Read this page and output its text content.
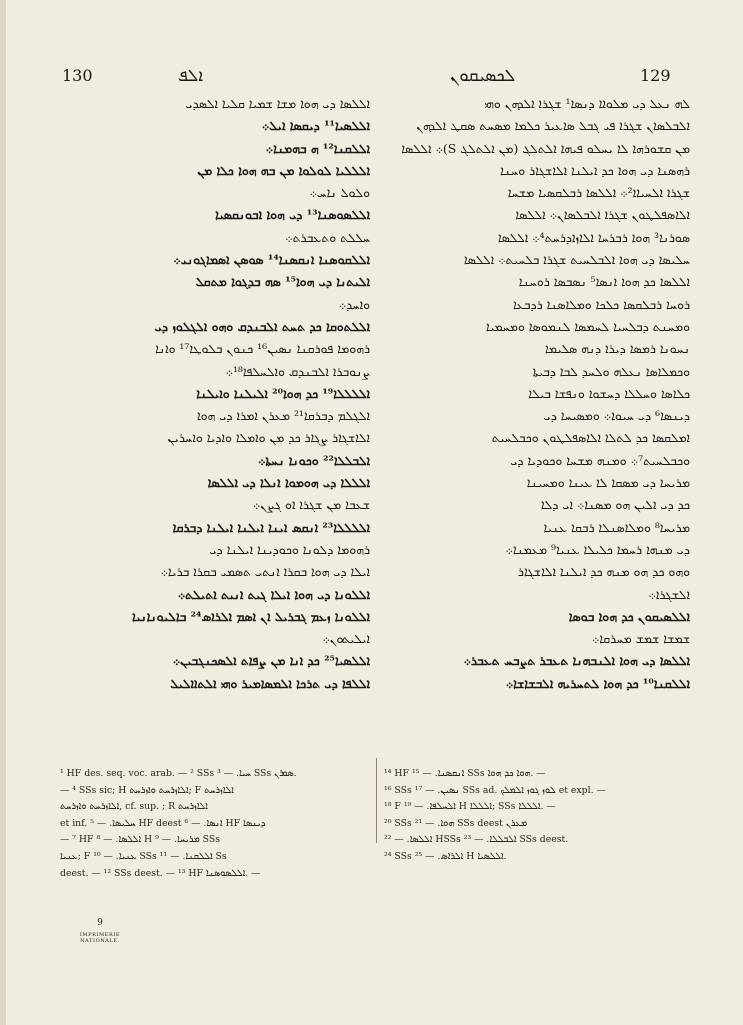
130	ܐܠܦ	ܠܟܣܝܩܘܢ	129
ܐܠܠܣܐ ܕܝ ܗܘܐ ܡܫܐ ܫܡܝܐ ܩܠܝܐ ܐܠܣܕܝ
ܐܠܠܣܝܐ¹¹ ܕܝܩܣܐ ܐܝܠ܀
ܐܠܠܩܢܐ¹² ܗ ܒܗܡܢܐ܀
ܐܠܠܠܝܐ ܠܘܠܘܐ ܡܢ ܒܗ ܗܘܐ ܟܠܐ ܡܢ
ܘܠܘܠ ܢܐܚ܀
ܐܠܠܣܘܣܢܐ¹³ ܕܝ ܗܘܐ ܐܒܘܢܩܣܝܐ
ܚܠܠܬ ܘܬܥܒܪܬ܀
ܐܠܠܩܘܣܢܐ ܐܢܩܣܢܐ¹⁴ ܣܘܣܢ ܐܣܡܐܓܘܢܝ܀
ܐܠܝܬܢܐ ܕܝ ܗܘܐ¹⁵ ܣܗ ܒܕܓܘܐ ܡܬܩܠ
ܘܐܚܕ܀
ܐܠܠܬܘܩܐ ܟܕ ܬܚܬ ܐܠܒܢܕܩ ܘܗܘ ܐܠܓܠܘܙ ܕܝ
ܪܗܘܡܐ ܦܘܪܩܢܐ ܢܣܝܢ¹⁶ ܟܢܘܢ ܒܠܘܛܐ¹⁷ ܘܐܢܐ
ܨܢܘܒܪܐ ܐܠܒܢܕܩ ܘܐܠܚܠܦܐ¹⁸܀
ܐܠܠܠܠܐ¹⁹ ܟܕ ܗܘܐ²⁰ ܐܠܝܠܢܐ ܘܐܝܠܢܐ
ܐܠܓܠܡ ܕܒܪܩܐ²¹ ܡܥܪܢ ܐܡܪܐ ܕܝ ܗܘܐ
ܐܠܐܫܓܐܪ ܨܓܐܪ ܟܕ ܡܢ ܘܐܡܠܐ ܘܐܕܝܐ ܘܐܚܪܝܢ
ܐܠܒܠܠܐ²² ܘܟܘܢܐ ܢܚܬܐ܀
ܐܠܠܠܐ ܕܝ ܗܘܡܘܐ ܐܢܠܐ ܕܝ ܐܠܠܣܐ
ܫܥܒܐ ܡܢ ܫܓܪܐ ܐܘ ܓܨܢ܀
ܐܠܠܠܠܐ²³ ܐܢܩܣ ܐܝܢܐ ܐܝܠܢܐ ܐܝܠܢܐ ܕܒܪܩܐ
ܪܗܘܡܐ ܕܠܘܢܐ ܘܟܘܕܝܢܐ ܐܝܠܢܐ ܕܝ
ܐܝܠܐ ܕܝ ܗܘܐ ܒܩܪܐ ܐܢܬܝ ܬܣܡܝ ܒܩܪܐ ܒܪܝܐ܀
ܐܠܠܘܢܐ ܕܝ ܗܘܐ ܐܝܠܐ ܓܝܬ ܐܢܝܬ ܐܬܝܠܬ܀
ܐܠܠܘܢܐ ܙܥܡ ܓܒܪܝܠ ܐܢ ܐܣܡ ܐܠܪܐܣ²⁴ ܒܐܠܝܘܢܐܢܝܐ
ܐܝܠܝܬܘܢ܀
ܐܠܠܣܝܐ²⁵ ܟܕ ܐܢܐ ܡܢ ܨܦܐܬ ܐܠܣܟܢܓܒܝܢ܀
ܐܠܠܦܐ ܕܝ ܬܪܟܐ ܐܠܡܣܐܡܝܪ ܘܗܝ ܐܠܬܐܐܠܝܠ
ܠܗ ܢܥܠ ܕܝ ܡܠܘܐܐ ܕܢܣܐ¹ ܫܓܪܐ ܐܠܕܗܢ ܘܗܝ
ܐܠܒܠܣܐܢ ܫܓܪܐ ܦܝ ܓܒܠ ܣܐܥܝܪ ܟܠܡܐ ܡܣܚܬ ܣܩܛ ܐܠܕܗܢ
ܡܢ ܩܫܘܪܗܐ ܠܐ ܝܚܠܘ ܦܝܗܐ ܐܠܬܠܓ (ܡܢ ܐܠܬܠܓ S)܀ ܐܠܠܣܐ
ܪܗܣܢܐ ܕܝ ܗܘܐ ܟܕ ܐܝܠܢܐ ܐܠܐܫܓܐܪ ܘܚܢܐ
ܫܓܪܐ ܐܠܚܝܐܐ²܀ ܐܠܠܣܐ ܪܒܠܩܣܝܐ ܡܫܚܐ
ܐܠܐܣܦܠܛܘܢ ܫܓܪܐ ܐܠܒܠܣܐܢ܀ ܐܠܠܣܐ
ܣܘܪܢܐ³ ܗܘܐ ܪܒܪܚܐ ܐܠܐܙܐܕܪܚܬ⁴܀ ܐܠܠܣܐ
ܚܠܝܣܐ ܕܝ ܗܘܐ ܐܠܒܠܚܝܬ ܫܓܪܐ ܒܠܚܝܬ܀ ܐܠܠܣܐ
ܐܠܠܣܐ ܟܕ ܗܘܐ ܐܢܣܐ⁵ ܢܣܒܣܐ ܪܘܚܢܐ
ܪܘܚܐ ܪܒܠܩܣܐ ܟܠܟܐ ܘܡܠܐܣܢܐ ܪܕܒܥܐ
ܘܡܚܢܬ ܕܒܠܚܝܐ ܠܚܡܣܐ ܠܢܡܘܣܐ ܘܡܚܡܝܐ
ܢܚܘܢܐ ܪܡܣܐ ܕܝܪܐ ܕܢܗ ܣܠܝܡܐ
ܘܟܡܠܐܣܐ ܢܥܠܗ ܘܠܚܕ ܠܒܐ ܕܒܝܬܐ
ܟܠܐܣܐ ܘܚܠܠܐ ܕܚܫܘܐ ܘܢܦܫܐ ܒܝܠܐ
ܕܝܢܣܐ⁶ ܕܝ ܚܝܘܐ܀ ܘܡܣܝܚܐ ܕܝ
ܐܡܠܩܣܐ ܟܕ ܠܬܠܐ ܐܠܐܣܦܠܛܘܢ ܘܟܒܠܚܝܬ
ܘܟܒܠܚܝܬ⁷܀ ܘܡܢܗ ܡܫܚܐ ܘܟܘܕܝܐ ܕܝ
ܡܪܝܚܐ ܕܝ ܡܣܩܐ ܠܐ ܥܝܢܐ ܘܡܚܝܢܐ
ܟܕ ܕܝ ܐܠܝܢ ܗܘ ܡܣܢܐ܀ ܐܝ ܕܠܐ
ܡܪܝܚܐ⁸ ܘܡܠܐܣܢܠܐ ܪܒܩܐ ܥܢܝܐ
ܕܝ ܡܢܗܐ ܪܚܡܐ ܟܠܝܠܐ ܥܢܝܐ⁹ ܡܥܡܢܐ܀
ܘܗܘ ܟܕ ܗܘ ܡܢܗ ܟܕ ܐܝܠܢܐ ܐܠܐܫܓܐܪ
ܐܠܫܓܪܐ܀
ܐܠܠܣܝܩܘܢ ܟܕ ܗܘܐ ܒܘܣܐ
ܫܡܫܐ ܫܡܫ ܡܚܪܩܐ܀
ܐܠܠܣܐ ܕܝ ܗܘܐ ܐܠܢܒܗܢܐ ܬܥܒܪ ܬܨܒܚ ܬܥܒܪ܀
ܐܠܠܩܢܐ¹⁰ ܟܕ ܗܘܐ ܠܬܚܪܝܗ ܐܠܒܫܐܫܐ܀
¹ HF des. seq. voc. arab. — ² SSs ܚܝܐ. — ³ SSs ܣܘܪܢ.
— ⁴ SSs sic; H ܐܠܐܙܪܚܬ ܘܐܙܪܚܬ; F ܐܠܐܙܪܚܬ
ܐܠܐܙܪܚܬ ܘܐܙܪܚܬ, cf. sup. ; R ܐܠܐܙܪܚܬ
et inf. ܚܠܝܣܐ. — ⁵ HF deest ܐܢܣܐ. — ⁶ HF ܕܝܢܣܐ
— ⁷ HF ܐܠܠܣܐ. — ⁸ H ܡܪܝܚܐ. — ⁹ SSs
ܥܢܝܐ; F ܥܢܝܐ. — ¹⁰ SSs ܐܠܠܩܢܐ. — ¹¹ Ss
deest. — ¹² SSs deest. — ¹³ HF ܐܠܠܣܘܣܢܐ. —
¹⁴ HF ܐܢܩܣܢܐ. — ¹⁵ SSs ܗܘܐ ܟܕ ܗܘܐ. —
¹⁶ SSs ܢܣܝܢ. — ¹⁷ SSs ad. ܠܘܙ ܓܘܙ ܐܠܡܠܟ et expl. —
¹⁸ F ܐܠܚܠܦܐ. — ¹⁹ H ܐܠܠܠܐ; SSs ܐܠܠܠܐ. —
²⁰ SSs ܗܘܐ. — ²¹ SSs deest ܡܥܪܢ
ܐܠܠܣܐ. — ²² HSSs ܐܠܒܠܠܐ. — ²³ SSs deest.
²⁴ SSs ܐܠܪܐܣ. — ²⁵ H ܐܠܠܣܝܐ.
9
IMPRIMERIE NATIONALE.
